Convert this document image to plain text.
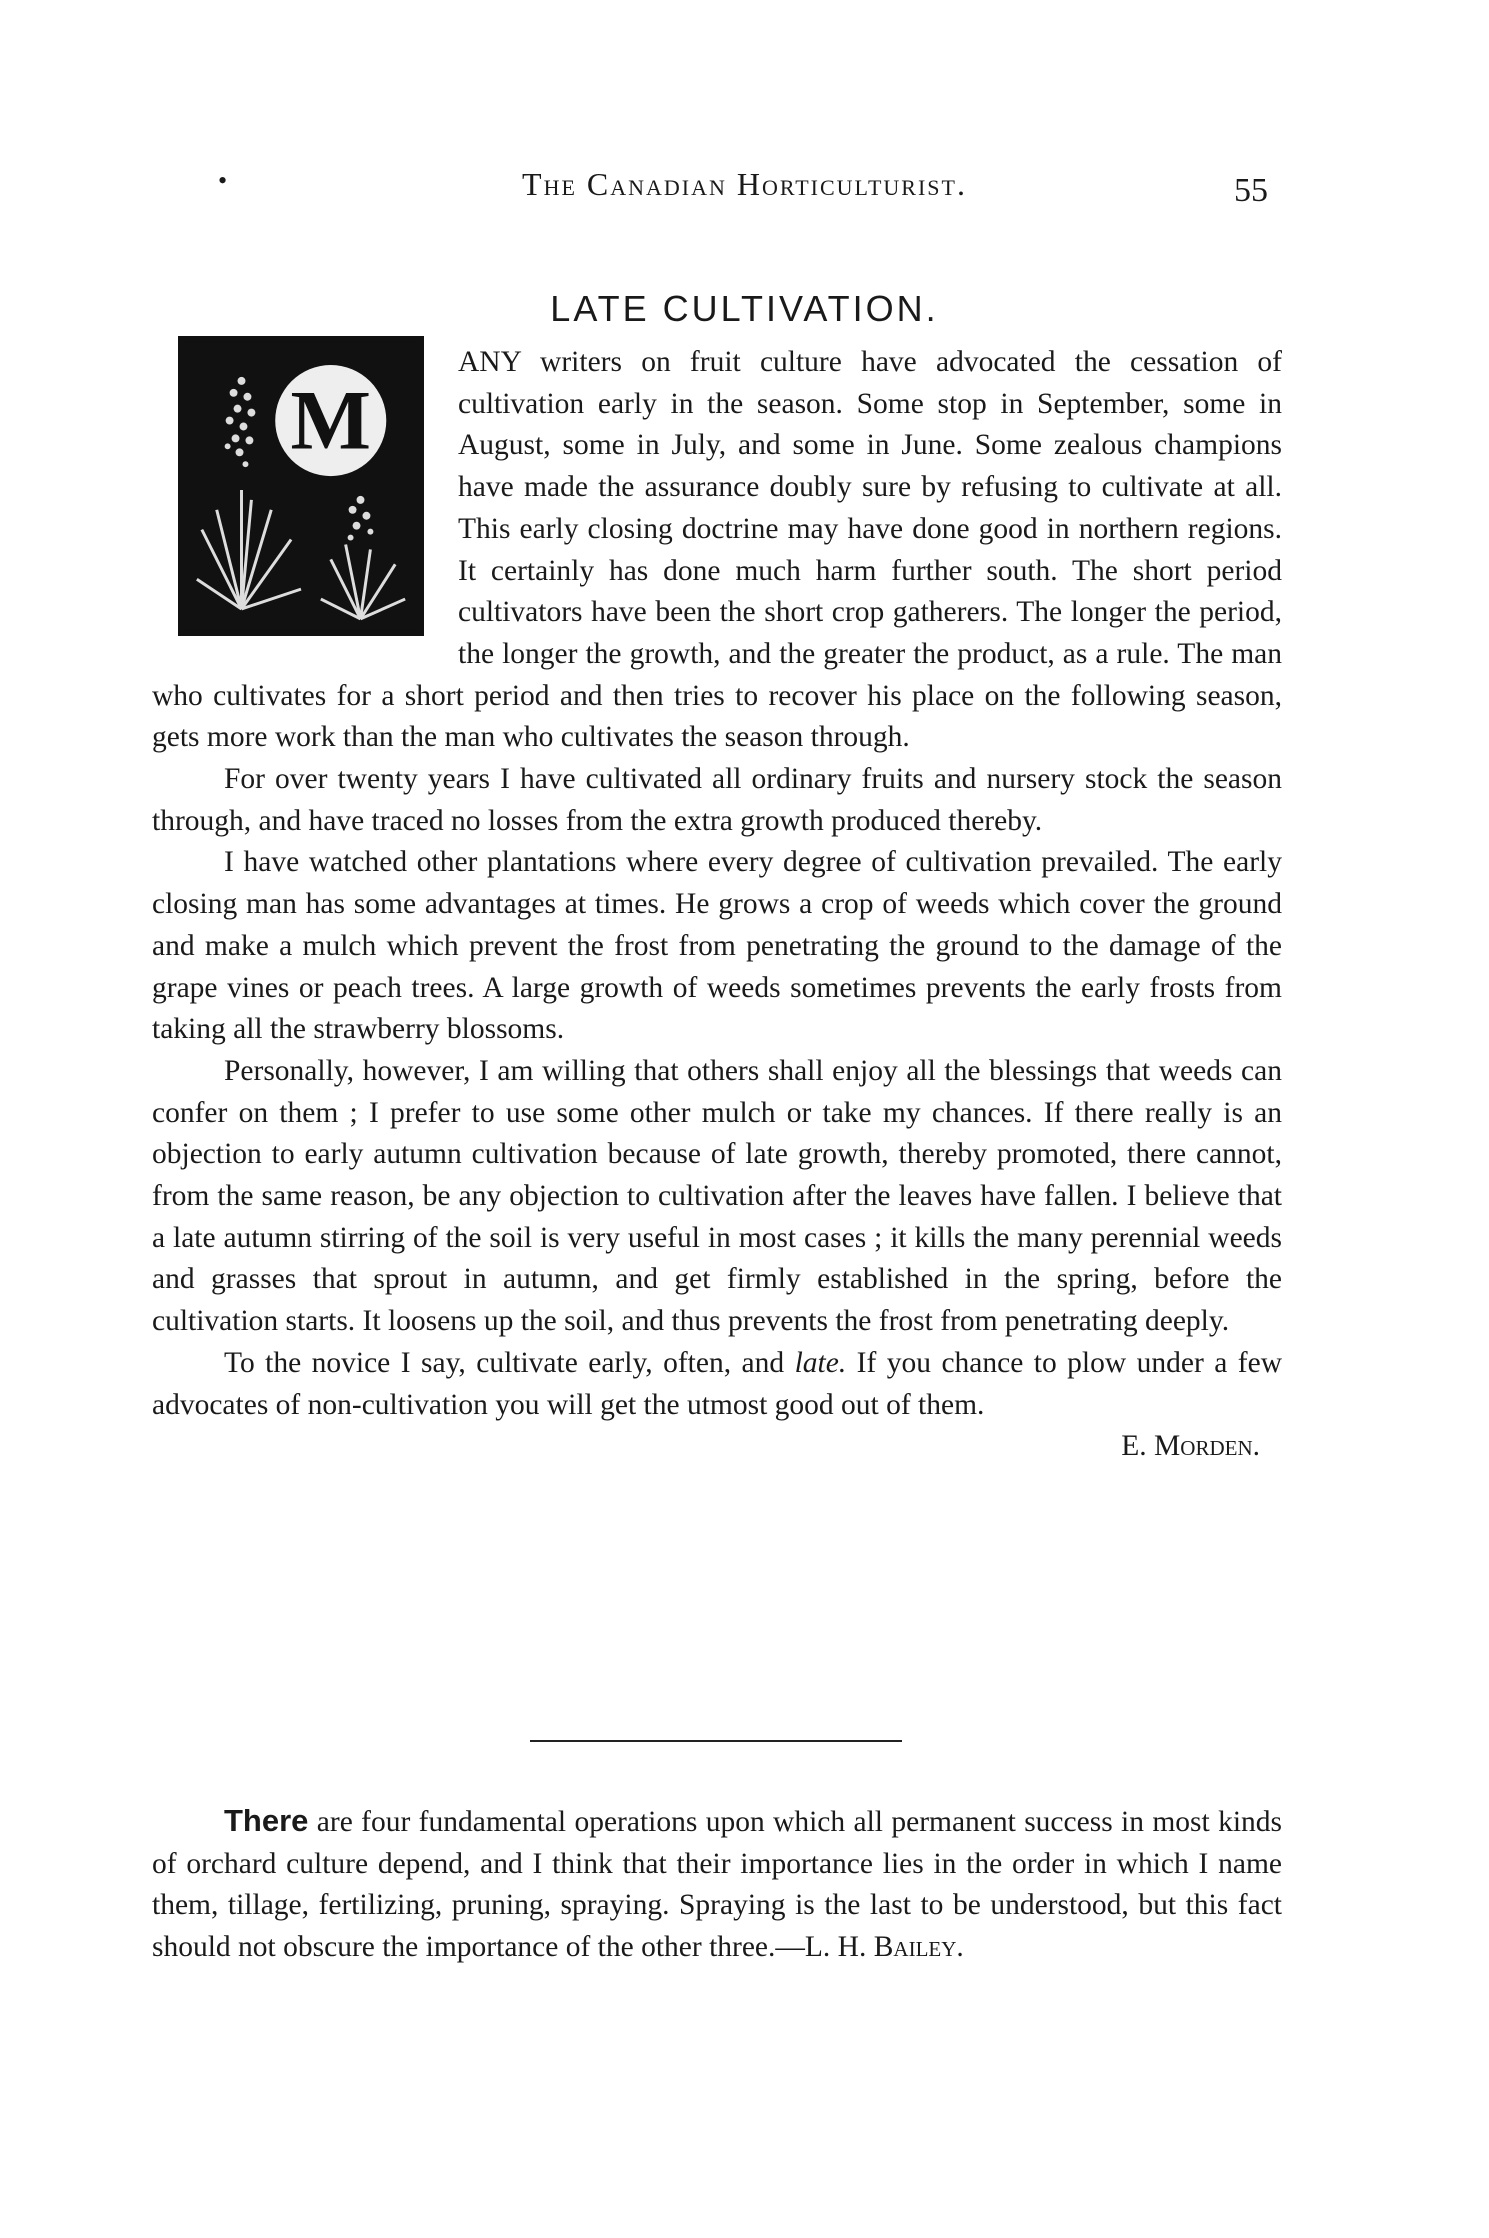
•	The Canadian Horticulturist.	55
LATE CULTIVATION.
M

ANY writers on fruit culture have advocated the cessation of cultivation early in the season. Some stop in September, some in August, some in July, and some in June. Some zealous champions have made the assurance doubly sure by refusing to cultivate at all. This early closing doctrine may have done good in northern regions. It certainly has done much harm further south. The short period cultivators have been the short crop gatherers. The longer the period, the longer the growth, and the greater the product, as a rule. The man who cultivates for a short period and then tries to recover his place on the following season, gets more work than the man who cultivates the season through.

For over twenty years I have cultivated all ordinary fruits and nursery stock the season through, and have traced no losses from the extra growth produced thereby.

I have watched other plantations where every degree of cultivation prevailed. The early closing man has some advantages at times. He grows a crop of weeds which cover the ground and make a mulch which prevent the frost from penetrating the ground to the damage of the grape vines or peach trees. A large growth of weeds sometimes prevents the early frosts from taking all the strawberry blossoms.

Personally, however, I am willing that others shall enjoy all the blessings that weeds can confer on them ; I prefer to use some other mulch or take my chances. If there really is an objection to early autumn cultivation because of late growth, thereby promoted, there cannot, from the same reason, be any objection to cultivation after the leaves have fallen. I believe that a late autumn stirring of the soil is very useful in most cases ; it kills the many perennial weeds and grasses that sprout in autumn, and get firmly established in the spring, before the cultivation starts. It loosens up the soil, and thus prevents the frost from penetrating deeply.

To the novice I say, cultivate early, often, and late. If you chance to plow under a few advocates of non-cultivation you will get the utmost good out of them.

E. Morden.

There are four fundamental operations upon which all permanent success in most kinds of orchard culture depend, and I think that their importance lies in the order in which I name them, tillage, fertilizing, pruning, spraying. Spraying is the last to be understood, but this fact should not obscure the importance of the other three.—L. H. Bailey.
